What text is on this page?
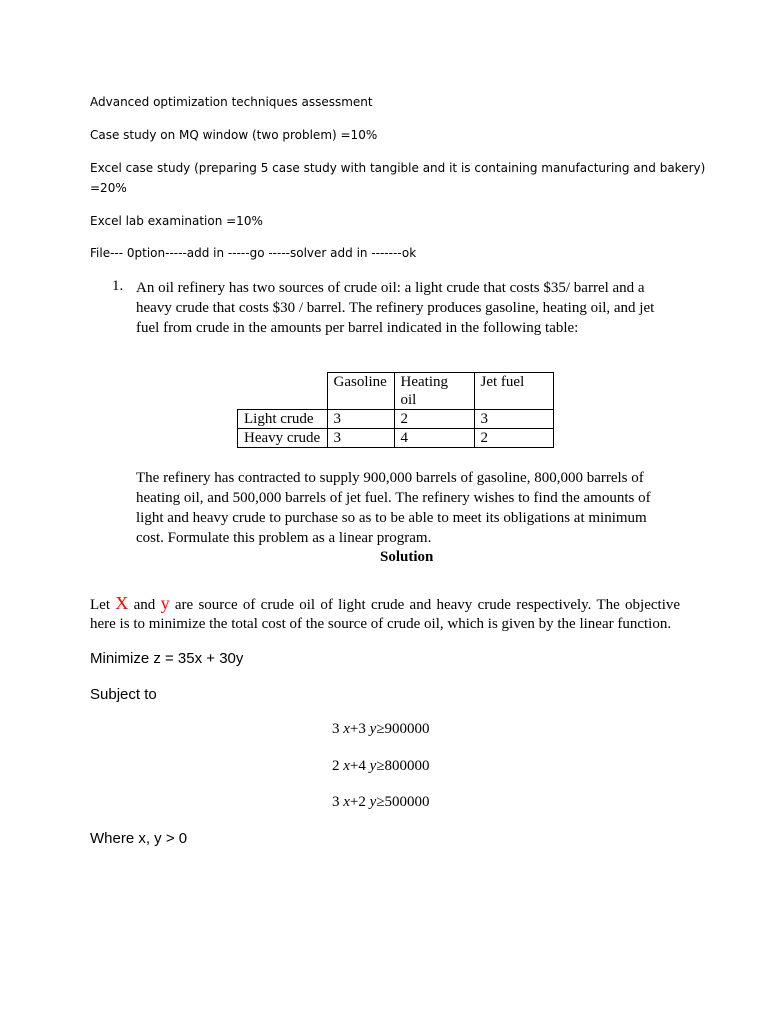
Advanced optimization techniques assessment

Case study on MQ window (two problem) =10%

Excel case study (preparing 5 case study with tangible and it is containing manufacturing and bakery)

=20%

Excel lab examination =10%

File--- 0ption-----add in -----go -----solver add in -------ok

1. An oil refinery has two sources of crude oil: a light crude that costs $35/ barrel and a heavy crude that costs $30 / barrel. The refinery produces gasoline, heating oil, and jet fuel from crude in the amounts per barrel indicated in the following table:

	Gasoline	Heating oil	Jet fuel
Light crude	3	2	3
Heavy crude	3	4	2

The refinery has contracted to supply 900,000 barrels of gasoline, 800,000 barrels of heating oil, and 500,000 barrels of jet fuel. The refinery wishes to find the amounts of light and heavy crude to purchase so as to be able to meet its obligations at minimum cost. Formulate this problem as a linear program.

Solution

Let X and y are source of crude oil of light crude and heavy crude respectively. The objective here is to minimize the total cost of the source of crude oil, which is given by the linear function.

Minimize z = 35x + 30y

Subject to

3 x+3 y≥900000

2 x+4 y≥800000

3 x+2 y≥500000

Where x, y > 0
